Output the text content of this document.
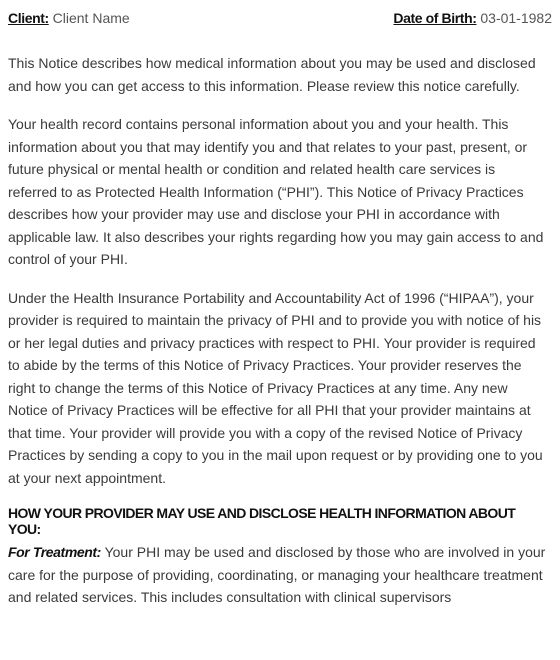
Client: Client Name	Date of Birth: 03-01-1982

This Notice describes how medical information about you may be used and disclosed and how you can get access to this information. Please review this notice carefully.

Your health record contains personal information about you and your health. This information about you that may identify you and that relates to your past, present, or future physical or mental health or condition and related health care services is referred to as Protected Health Information (“PHI”). This Notice of Privacy Practices describes how your provider may use and disclose your PHI in accordance with applicable law. It also describes your rights regarding how you may gain access to and control of your PHI.

Under the Health Insurance Portability and Accountability Act of 1996 (“HIPAA”), your provider is required to maintain the privacy of PHI and to provide you with notice of his or her legal duties and privacy practices with respect to PHI. Your provider is required to abide by the terms of this Notice of Privacy Practices. Your provider reserves the right to change the terms of this Notice of Privacy Practices at any time. Any new Notice of Privacy Practices will be effective for all PHI that your provider maintains at that time. Your provider will provide you with a copy of the revised Notice of Privacy Practices by sending a copy to you in the mail upon request or by providing one to you at your next appointment.

HOW YOUR PROVIDER MAY USE AND DISCLOSE HEALTH INFORMATION ABOUT YOU:

For Treatment: Your PHI may be used and disclosed by those who are involved in your care for the purpose of providing, coordinating, or managing your healthcare treatment and related services. This includes consultation with clinical supervisors
